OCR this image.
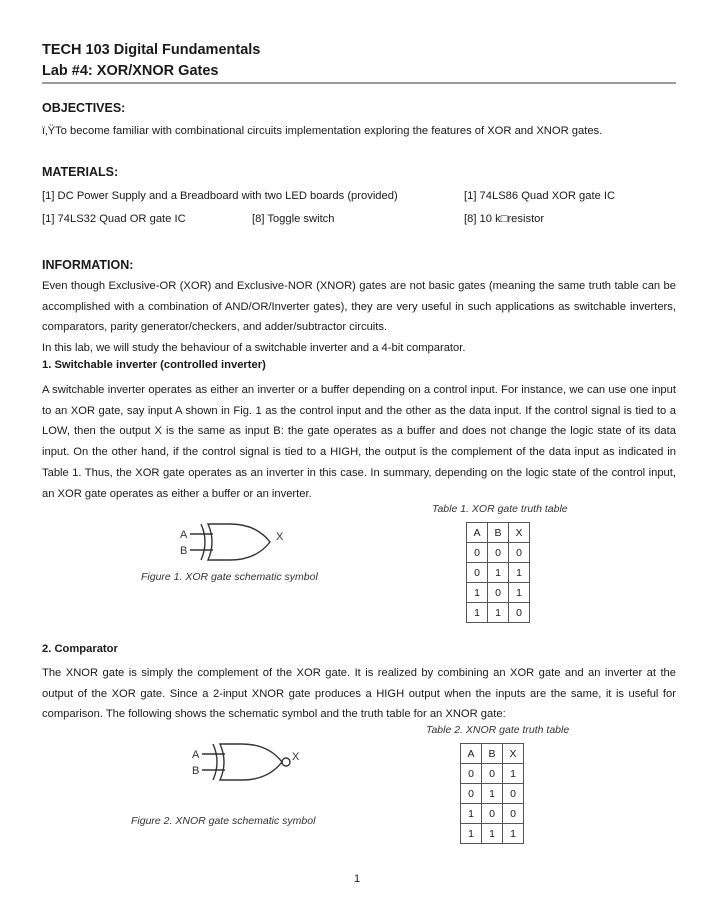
TECH 103 Digital Fundamentals
Lab #4: XOR/XNOR Gates
OBJECTIVES:
ï‚ŸTo become familiar with combinational circuits implementation exploring the features of XOR and XNOR gates.
MATERIALS:
[1] DC Power Supply and a Breadboard with two LED boards (provided)	[1] 74LS86 Quad XOR gate IC
[1] 74LS32 Quad OR gate IC	[8] Toggle switch	[8] 10 k□resistor
INFORMATION:

Even though Exclusive-OR (XOR) and Exclusive-NOR (XNOR) gates are not basic gates (meaning the same truth table can be accomplished with a combination of AND/OR/Inverter gates), they are very useful in such applications as switchable inverters, comparators, parity generator/checkers, and adder/subtractor circuits.

In this lab, we will study the behaviour of a switchable inverter and a 4-bit comparator.
1. Switchable inverter (controlled inverter)

A switchable inverter operates as either an inverter or a buffer depending on a control input. For instance, we can use one input to an XOR gate, say input A shown in Fig. 1 as the control input and the other as the data input. If the control signal is tied to a LOW, then the output X is the same as input B: the gate operates as a buffer and does not change the logic state of its data input. On the other hand, if the control signal is tied to a HIGH, the output is the complement of the data input as indicated in Table 1. Thus, the XOR gate operates as an inverter in this case. In summary, depending on the logic state of the control input, an XOR gate operates as either a buffer or an inverter.

A
B
X
Figure 1. XOR gate schematic symbol
Table 1. XOR gate truth table
A	B	X
0	0	0
0	1	1
1	0	1
1	1	0
2. Comparator

The XNOR gate is simply the complement of the XOR gate. It is realized by combining an XOR gate and an inverter at the output of the XOR gate. Since a 2-input XNOR gate produces a HIGH output when the inputs are the same, it is useful for comparison. The following shows the schematic symbol and the truth table for an XNOR gate:

A
B
X
Figure 2. XNOR gate schematic symbol
Table 2. XNOR gate truth table
A	B	X
0	0	1
0	1	0
1	0	0
1	1	1
1
